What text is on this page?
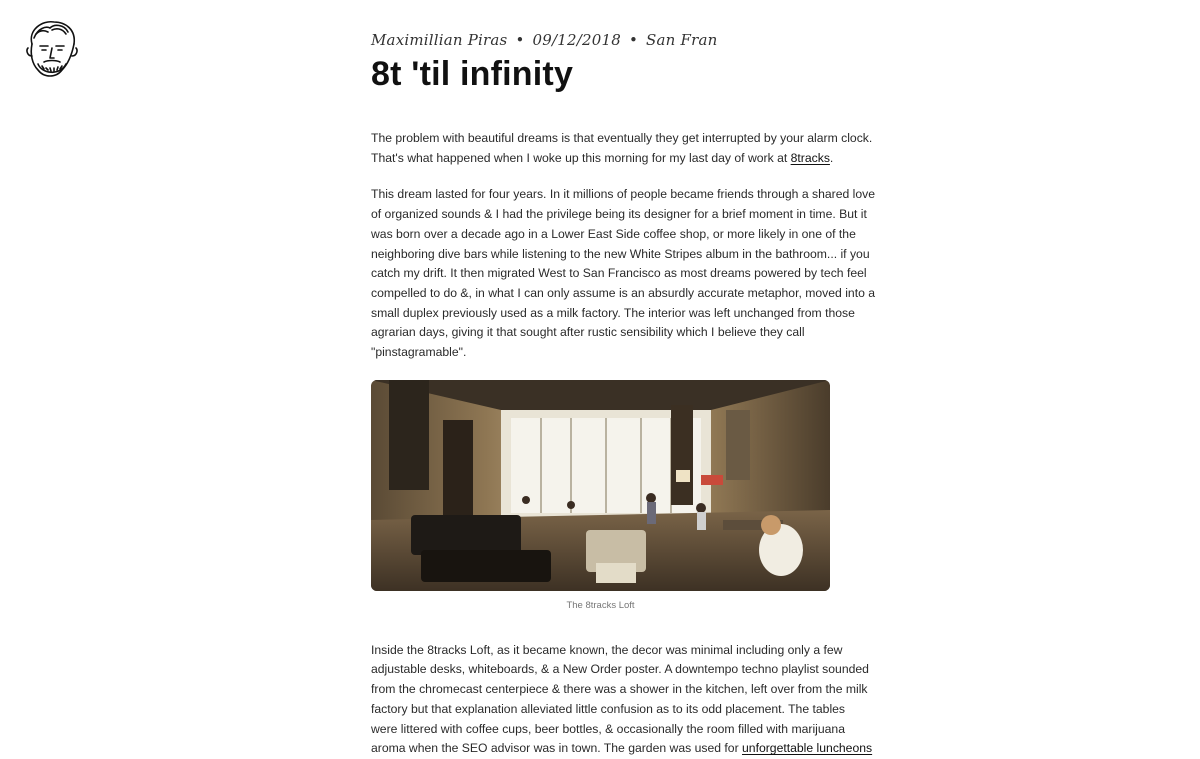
Maximillian Piras • 09/12/2018 • San Fran
8t 'til infinity

The problem with beautiful dreams is that eventually they get interrupted by your alarm clock.
That's what happened when I woke up this morning for my last day of work at 8tracks.

This dream lasted for four years. In it millions of people became friends through a shared love
of organized sounds & I had the privilege being its designer for a brief moment in time. But it
was born over a decade ago in a Lower East Side coffee shop, or more likely in one of the
neighboring dive bars while listening to the new White Stripes album in the bathroom... if you
catch my drift. It then migrated West to San Francisco as most dreams powered by tech feel
compelled to do &, in what I can only assume is an absurdly accurate metaphor, moved into a
small duplex previously used as a milk factory. The interior was left unchanged from those
agrarian days, giving it that sought after rustic sensibility which I believe they call
"pinstagramable".

The 8tracks Loft

Inside the 8tracks Loft, as it became known, the decor was minimal including only a few
adjustable desks, whiteboards, & a New Order poster. A downtempo techno playlist sounded
from the chromecast centerpiece & there was a shower in the kitchen, left over from the milk
factory but that explanation alleviated little confusion as to its odd placement. The tables
were littered with coffee cups, beer bottles, & occasionally the room filled with marijuana
aroma when the SEO advisor was in town. The garden was used for unforgettable luncheons
